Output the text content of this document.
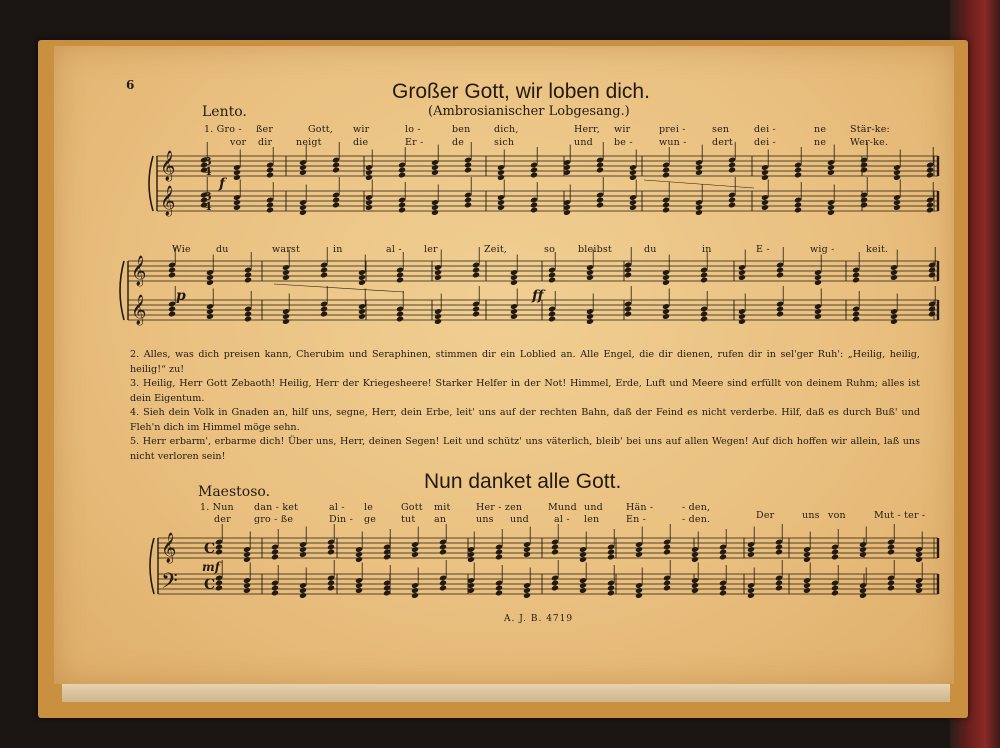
𝄞
𝄞
𝄞
𝄞
𝄞
𝄢
3
4
3
4
C
C
6	Großer Gott, wir loben dich.
(Ambrosianischer Lobgesang.)
Lento.
f
p	ff
1. Gro - ßer	Gott, wir	lo -	ben dich,	Herr, wir	prei -	sen	dei -	ne	Stär-ke:
vor dir neigt	die	Er -	de	sich	und be -	wun -	dert dei -	ne	Wer-ke.
Wie	du	warst	in	al - ler	Zeit,	so bleibst	du	in	E -	wig -	keit.
2. Alles, was dich preisen kann, Cherubim und Seraphinen, stimmen dir ein Loblied an. Alle Engel, die dir dienen, rufen dir in sel'ger Ruh': „Heilig, heilig, heilig!“ zu!
3. Heilig, Herr Gott Zebaoth! Heilig, Herr der Kriegesheere! Starker Helfer in der Not! Himmel, Erde, Luft und Meere sind erfüllt von deinem Ruhm; alles ist dein Eigentum.
4. Sieh dein Volk in Gnaden an, hilf uns, segne, Herr, dein Erbe, leit' uns auf der rechten Bahn, daß der Feind es nicht verderbe. Hilf, daß es durch Buß' und Fleh'n dich im Himmel möge sehn.
5. Herr erbarm', erbarme dich! Über uns, Herr, deinen Segen! Leit und schütz' uns väterlich, bleib' bei uns auf allen Wegen! Auf dich hoffen wir allein, laß uns nicht verloren sein!
Nun danket alle Gott.
Maestoso.
mf
1. Nun dan - ket	al - le	Gott mit	Her - zen	Mund und Hän -	- den,
Der	uns von	Mut - ter -
der gro - ße	Din - ge	tut an	uns und	al - len	En -	- den.
A. J. B. 4719
